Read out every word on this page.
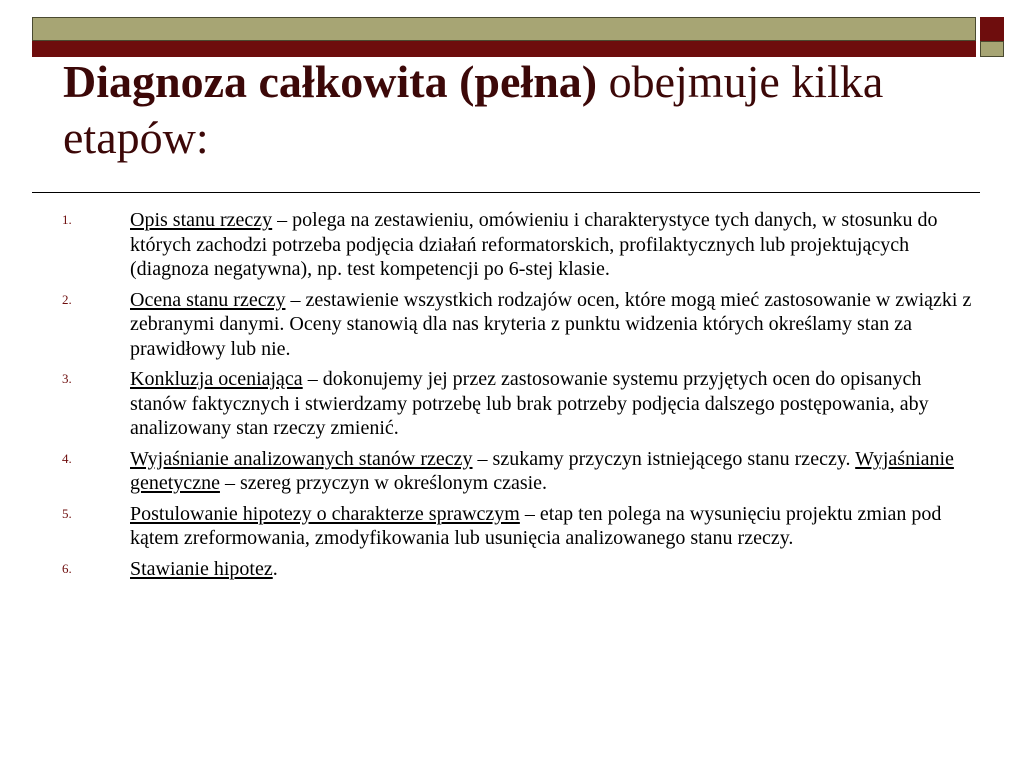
Diagnoza całkowita (pełna) obejmuje kilka etapów:
1.	Opis stanu rzeczy – polega na zestawieniu, omówieniu i charakterystyce tych danych, w stosunku do których zachodzi potrzeba podjęcia działań reformatorskich, profilaktycznych lub projektujących (diagnoza negatywna), np. test kompetencji po 6-stej klasie.
2.	Ocena stanu rzeczy – zestawienie wszystkich rodzajów ocen, które mogą mieć zastosowanie w związki z zebranymi danymi. Oceny stanowią dla nas kryteria z punktu widzenia których określamy stan za prawidłowy lub nie.
3.	Konkluzja oceniająca – dokonujemy jej przez zastosowanie systemu przyjętych ocen do opisanych stanów faktycznych i stwierdzamy potrzebę lub brak potrzeby podjęcia dalszego postępowania, aby analizowany stan rzeczy zmienić.
4.	Wyjaśnianie analizowanych stanów rzeczy – szukamy przyczyn istniejącego stanu rzeczy. Wyjaśnianie genetyczne – szereg przyczyn w określonym czasie.
5.	Postulowanie hipotezy o charakterze sprawczym – etap ten polega na wysunięciu projektu zmian pod kątem zreformowania, zmodyfikowania lub usunięcia analizowanego stanu rzeczy.
6.	Stawianie hipotez.
